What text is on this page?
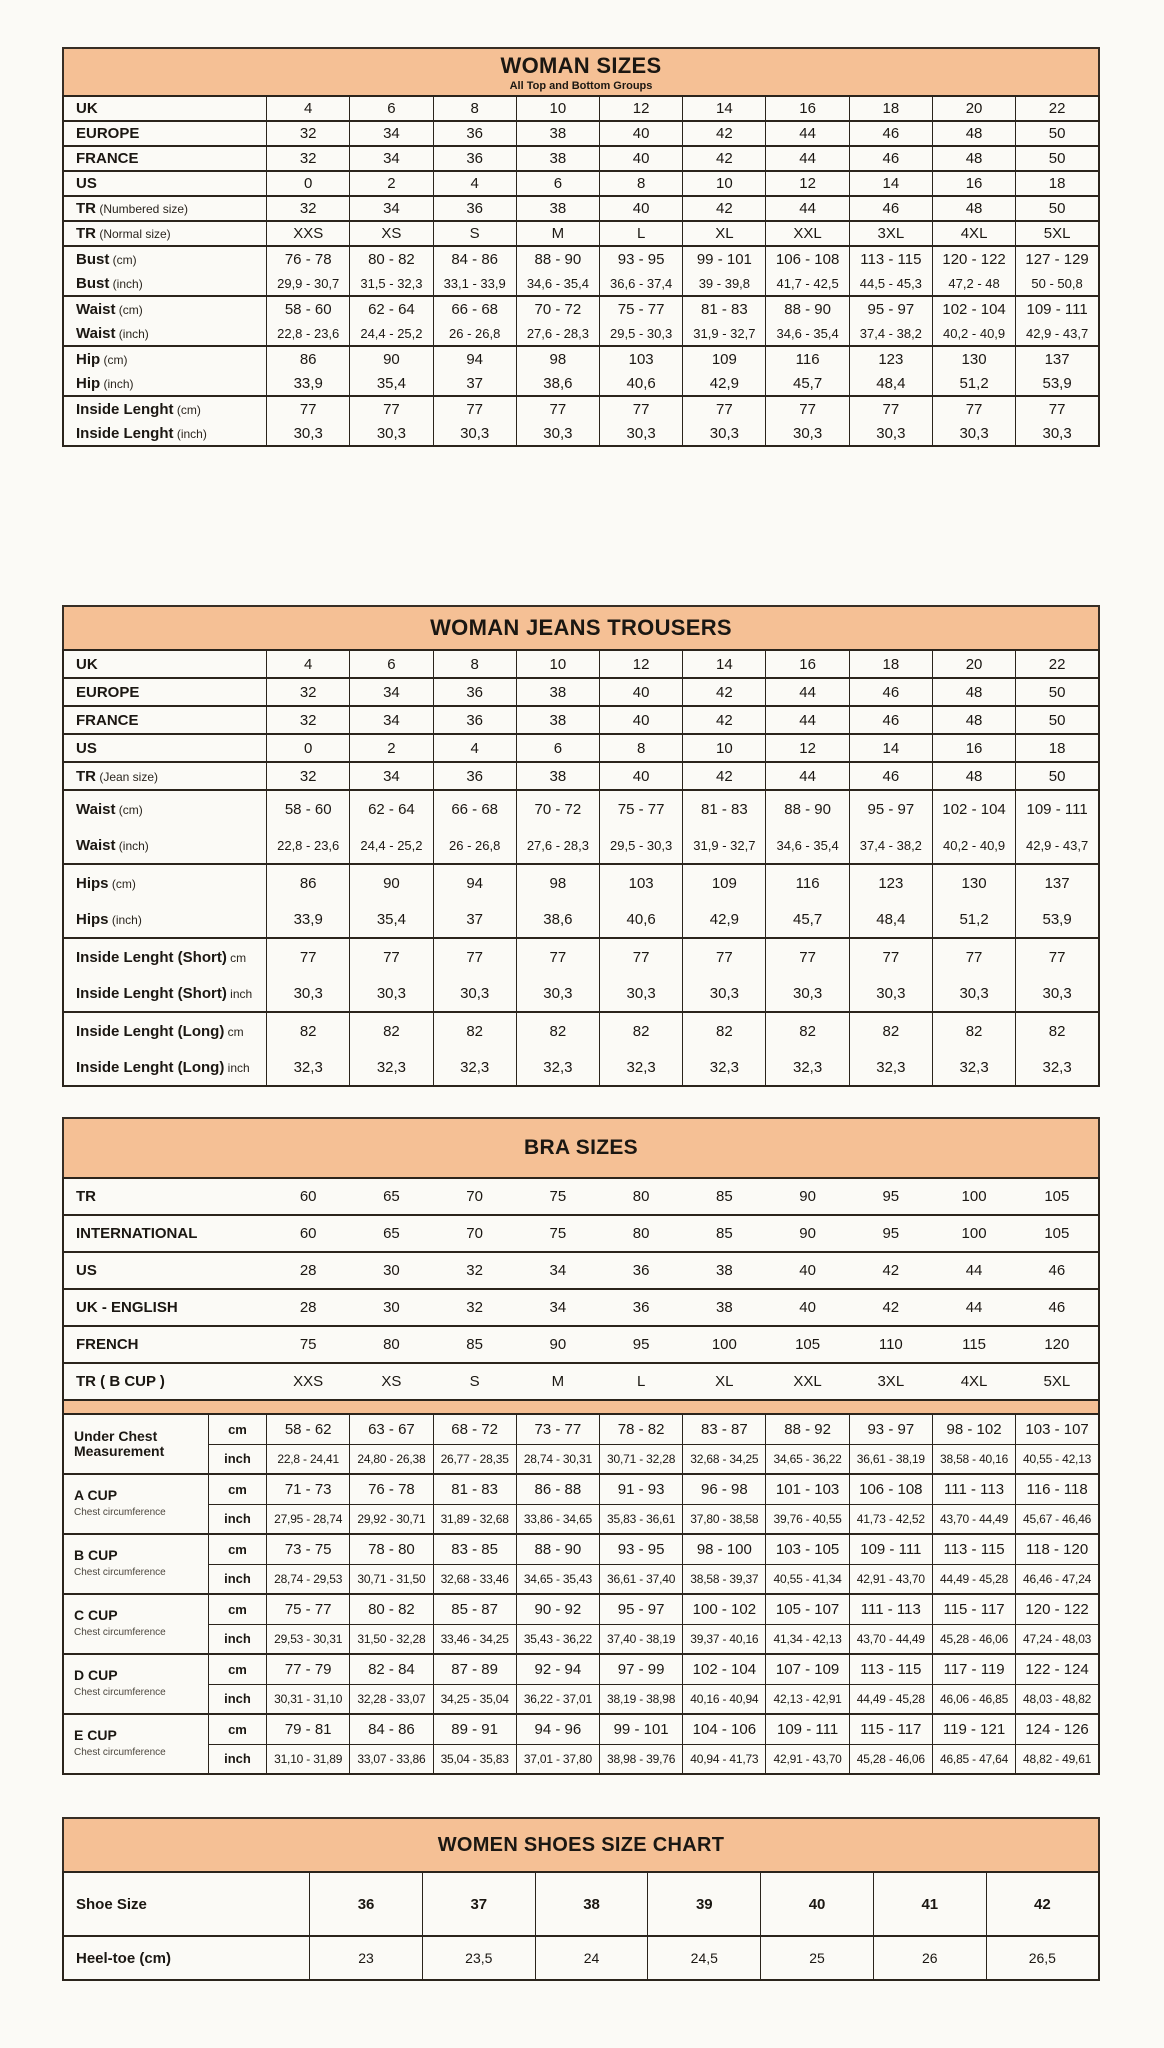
WOMAN SIZES
All Top and Bottom Groups
UK	4	6	8	10	12	14	16	18	20	22
EUROPE	32	34	36	38	40	42	44	46	48	50
FRANCE	32	34	36	38	40	42	44	46	48	50
US	0	2	4	6	8	10	12	14	16	18
TR (Numbered size)	32	34	36	38	40	42	44	46	48	50
TR (Normal size)	XXS	XS	S	M	L	XL	XXL	3XL	4XL	5XL
Bust (cm)	76 - 78	80 - 82	84 - 86	88 - 90	93 - 95	99 - 101	106 - 108	113 - 115	120 - 122	127 - 129
Bust (inch)	29,9 - 30,7	31,5 - 32,3	33,1 - 33,9	34,6 - 35,4	36,6 - 37,4	39 - 39,8	41,7 - 42,5	44,5 - 45,3	47,2 - 48	50 - 50,8
Waist (cm)	58 - 60	62 - 64	66 - 68	70 - 72	75 - 77	81 - 83	88 - 90	95 - 97	102 - 104	109 - 111
Waist (inch)	22,8 - 23,6	24,4 - 25,2	26 - 26,8	27,6 - 28,3	29,5 - 30,3	31,9 - 32,7	34,6 - 35,4	37,4 - 38,2	40,2 - 40,9	42,9 - 43,7
Hip (cm)	86	90	94	98	103	109	116	123	130	137
Hip (inch)	33,9	35,4	37	38,6	40,6	42,9	45,7	48,4	51,2	53,9
Inside Lenght (cm)	77	77	77	77	77	77	77	77	77	77
Inside Lenght (inch)	30,3	30,3	30,3	30,3	30,3	30,3	30,3	30,3	30,3	30,3
WOMAN JEANS TROUSERS
UK	4	6	8	10	12	14	16	18	20	22
EUROPE	32	34	36	38	40	42	44	46	48	50
FRANCE	32	34	36	38	40	42	44	46	48	50
US	0	2	4	6	8	10	12	14	16	18
TR (Jean size)	32	34	36	38	40	42	44	46	48	50
Waist (cm)	58 - 60	62 - 64	66 - 68	70 - 72	75 - 77	81 - 83	88 - 90	95 - 97	102 - 104	109 - 111
Waist (inch)	22,8 - 23,6	24,4 - 25,2	26 - 26,8	27,6 - 28,3	29,5 - 30,3	31,9 - 32,7	34,6 - 35,4	37,4 - 38,2	40,2 - 40,9	42,9 - 43,7
Hips (cm)	86	90	94	98	103	109	116	123	130	137
Hips (inch)	33,9	35,4	37	38,6	40,6	42,9	45,7	48,4	51,2	53,9
Inside Lenght (Short) cm	77	77	77	77	77	77	77	77	77	77
Inside Lenght (Short) inch	30,3	30,3	30,3	30,3	30,3	30,3	30,3	30,3	30,3	30,3
Inside Lenght (Long) cm	82	82	82	82	82	82	82	82	82	82
Inside Lenght (Long) inch	32,3	32,3	32,3	32,3	32,3	32,3	32,3	32,3	32,3	32,3
BRA SIZES
TR		60	65	70	75	80	85	90	95	100	105
INTERNATIONAL		60	65	70	75	80	85	90	95	100	105
US		28	30	32	34	36	38	40	42	44	46
UK - ENGLISH		28	30	32	34	36	38	40	42	44	46
FRENCH		75	80	85	90	95	100	105	110	115	120
TR ( B CUP )		XXS	XS	S	M	L	XL	XXL	3XL	4XL	5XL

Under Chest Measurement	cm	58 - 62	63 - 67	68 - 72	73 - 77	78 - 82	83 - 87	88 - 92	93 - 97	98 - 102	103 - 107
	inch	22,8 - 24,41	24,80 - 26,38	26,77 - 28,35	28,74 - 30,31	30,71 - 32,28	32,68 - 34,25	34,65 - 36,22	36,61 - 38,19	38,58 - 40,16	40,55 - 42,13
A CUP
Chest circumference	cm	71 - 73	76 - 78	81 - 83	86 - 88	91 - 93	96 - 98	101 - 103	106 - 108	111 - 113	116 - 118
	inch	27,95 - 28,74	29,92 - 30,71	31,89 - 32,68	33,86 - 34,65	35,83 - 36,61	37,80 - 38,58	39,76 - 40,55	41,73 - 42,52	43,70 - 44,49	45,67 - 46,46
B CUP
Chest circumference	cm	73 - 75	78 - 80	83 - 85	88 - 90	93 - 95	98 - 100	103 - 105	109 - 111	113 - 115	118 - 120
	inch	28,74 - 29,53	30,71 - 31,50	32,68 - 33,46	34,65 - 35,43	36,61 - 37,40	38,58 - 39,37	40,55 - 41,34	42,91 - 43,70	44,49 - 45,28	46,46 - 47,24
C CUP
Chest circumference	cm	75 - 77	80 - 82	85 - 87	90 - 92	95 - 97	100 - 102	105 - 107	111 - 113	115 - 117	120 - 122
	inch	29,53 - 30,31	31,50 - 32,28	33,46 - 34,25	35,43 - 36,22	37,40 - 38,19	39,37 - 40,16	41,34 - 42,13	43,70 - 44,49	45,28 - 46,06	47,24 - 48,03
D CUP
Chest circumference	cm	77 - 79	82 - 84	87 - 89	92 - 94	97 - 99	102 - 104	107 - 109	113 - 115	117 - 119	122 - 124
	inch	30,31 - 31,10	32,28 - 33,07	34,25 - 35,04	36,22 - 37,01	38,19 - 38,98	40,16 - 40,94	42,13 - 42,91	44,49 - 45,28	46,06 - 46,85	48,03 - 48,82
E CUP
Chest circumference	cm	79 - 81	84 - 86	89 - 91	94 - 96	99 - 101	104 - 106	109 - 111	115 - 117	119 - 121	124 - 126
	inch	31,10 - 31,89	33,07 - 33,86	35,04 - 35,83	37,01 - 37,80	38,98 - 39,76	40,94 - 41,73	42,91 - 43,70	45,28 - 46,06	46,85 - 47,64	48,82 - 49,61
WOMEN SHOES SIZE CHART
Shoe Size	36	37	38	39	40	41	42
Heel-toe (cm)	23	23,5	24	24,5	25	26	26,5
